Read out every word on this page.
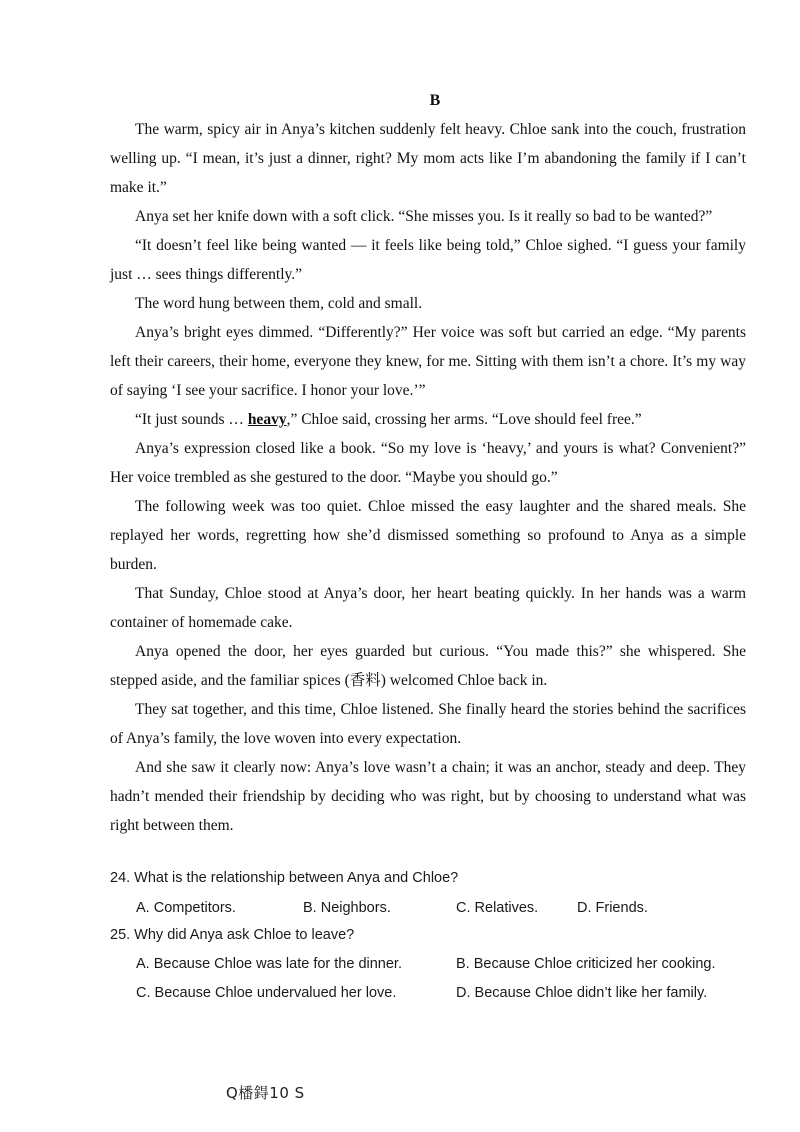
B

The warm, spicy air in Anya’s kitchen suddenly felt heavy. Chloe sank into the couch, frustration welling up. “I mean, it’s just a dinner, right? My mom acts like I’m abandoning the family if I can’t make it.”

Anya set her knife down with a soft click. “She misses you. Is it really so bad to be wanted?”

“It doesn’t feel like being wanted — it feels like being told,” Chloe sighed. “I guess your family just … sees things differently.”

The word hung between them, cold and small.

Anya’s bright eyes dimmed. “Differently?” Her voice was soft but carried an edge. “My parents left their careers, their home, everyone they knew, for me. Sitting with them isn’t a chore. It’s my way of saying ‘I see your sacrifice. I honor your love.’”

“It just sounds … heavy,” Chloe said, crossing her arms. “Love should feel free.”

Anya’s expression closed like a book. “So my love is ‘heavy,’ and yours is what? Convenient?” Her voice trembled as she gestured to the door. “Maybe you should go.”

The following week was too quiet. Chloe missed the easy laughter and the shared meals. She replayed her words, regretting how she’d dismissed something so profound to Anya as a simple burden.

That Sunday, Chloe stood at Anya’s door, her heart beating quickly. In her hands was a warm container of homemade cake.

Anya opened the door, her eyes guarded but curious. “You made this?” she whispered. She stepped aside, and the familiar spices (香料) welcomed Chloe back in.

They sat together, and this time, Chloe listened. She finally heard the stories behind the sacrifices of Anya’s family, the love woven into every expectation.

And she saw it clearly now: Anya’s love wasn’t a chain; it was an anchor, steady and deep. They hadn’t mended their friendship by deciding who was right, but by choosing to understand what was right between them.

24. What is the relationship between Anya and Chloe?
A. Competitors.	B. Neighbors.	C. Relatives.	D. Friends.
25. Why did Anya ask Chloe to leave?
A. Because Chloe was late for the dinner.	B. Because Chloe criticized her cooking.
C. Because Chloe undervalued her love.	D. Because Chloe didn’t like her family.
Q橎鍀10 S
